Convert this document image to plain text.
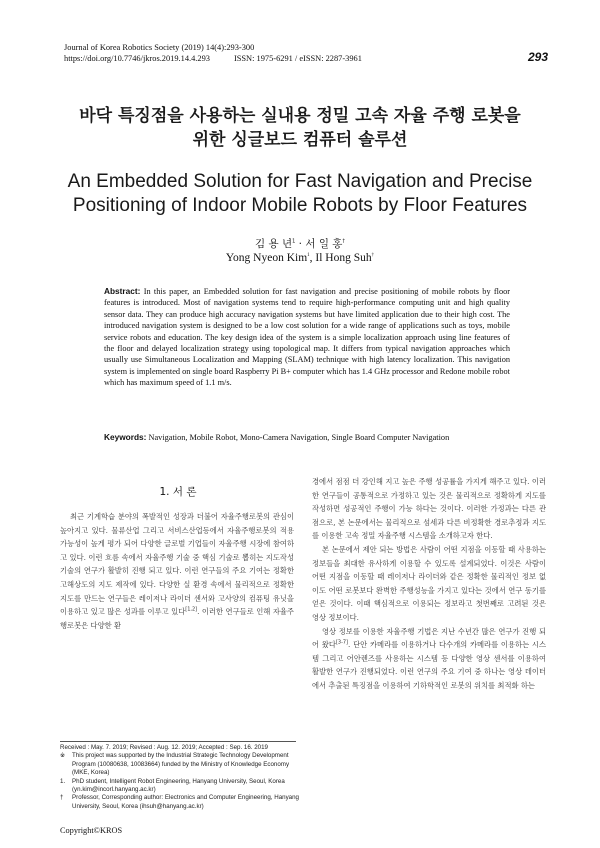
Journal of Korea Robotics Society (2019) 14(4):293-300
https://doi.org/10.7746/jkros.2019.14.4.293	ISSN: 1975-6291 / eISSN: 2287-3961	293
바닥 특징점을 사용하는 실내용 정밀 고속 자율 주행 로봇을
위한 싱글보드 컴퓨터 솔루션
An Embedded Solution for Fast Navigation and Precise
Positioning of Indoor Mobile Robots by Floor Features
김 용 년$^1$ · 서 일 홍†
Yong Nyeon Kim$^1$, Il Hong Suh†
Abstract: In this paper, an Embedded solution for fast navigation and precise positioning of mobile robots by floor features is introduced. Most of navigation systems tend to require high-performance computing unit and high quality sensor data. They can produce high accuracy navigation systems but have limited application due to their high cost. The introduced navigation system is designed to be a low cost solution for a wide range of applications such as toys, mobile service robots and education. The key design idea of the system is a simple localization approach using line features of the floor and delayed localization strategy using topological map. It differs from typical navigation approaches which usually use Simultaneous Localization and Mapping (SLAM) technique with high latency localization. This navigation system is implemented on single board Raspberry Pi B+ computer which has 1.4 GHz processor and Redone mobile robot which has maximum speed of 1.1 m/s.
Keywords: Navigation, Mobile Robot, Mono-Camera Navigation, Single Board Computer Navigation
1. 서 론

최근 기계학습 분야의 폭발적인 성장과 더불어 자율주행로봇의 관심이 높아지고 있다. 물류산업 그리고 서비스산업등에서 자율주행로봇의 적용가능성이 높게 평가 되어 다양한 글로벌 기업들이 자율주행 시장에 참여하고 있다. 이런 흐름 속에서 자율주행 기술 중 핵심 기술로 뽑히는 지도작성 기술의 연구가 활발히 진행 되고 있다. 이런 연구들의 주요 기여는 정확한 고해상도의 지도 제작에 있다. 다양한 실 환경 속에서 물리적으로 정확한 지도를 만드는 연구들은 레이저나 라이더 센서와 고사양의 컴퓨팅 유닛을 이용하고 있고 많은 성과를 이루고 있다[1,2]. 이러한 연구들로 인해 자율주행로봇은 다양한 환

경에서 점점 더 강인해 지고 높은 주행 성공률을 가지게 해주고 있다. 이러한 연구들이 공통적으로 가정하고 있는 것은 물리적으로 정확하게 지도를 작성하면 성공적인 주행이 가능 하다는 것이다. 이러한 가정과는 다른 관점으로, 본 논문에서는 물리적으로 섬세과 다른 비정확한 경로추정과 지도를 이용한 고속 정밀 자율주행 시스템을 소개하고자 한다.

본 논문에서 제안 되는 방법은 사람이 어떤 지점을 이동할 때 사용하는 정보들을 최대한 유사하게 이용할 수 있도록 설계되었다. 이것은 사람이 어떤 지점을 이동할 때 레이저나 라이더와 같은 정확한 물리적인 정보 없이도 어떤 로봇보다 완벽한 주행성능을 가지고 있다는 것에서 연구 동기를 얻은 것이다. 이때 핵심적으로 이용되는 정보라고 첫번째로 고려된 것은 영상 정보이다.

영상 정보를 이용한 자율주행 기법은 지난 수년간 많은 연구가 진행 되어 왔다[3-7]. 단안 카메라를 이용하거나 다수개의 카메라를 이용하는 시스템 그리고 어안렌즈를 사용하는 시스템 등 다양한 영상 센서를 이용하여 활발한 연구가 진행되었다. 이런 연구의 주요 기여 중 하나는 영상 데이터에서 추출된 특징점을 이용하여 기하학적인 로봇의 위치를 최적화 하는

Received : May. 7. 2019; Revised : Aug. 12. 2019; Accepted : Sep. 16. 2019
※ This project was supported by the Industrial Strategic Technology Development Program (10080638, 10083664) funded by the Ministry of Knowledge Economy (MKE, Korea)
1. PhD student, Intelligent Robot Engineering, Hanyang University, Seoul, Korea (yn.kim@incorl.hanyang.ac.kr)
† Professor, Corresponding author: Electronics and Computer Engineering, Hanyang University, Seoul, Korea (ihsuh@hanyang.ac.kr)
Copyright©KROS
